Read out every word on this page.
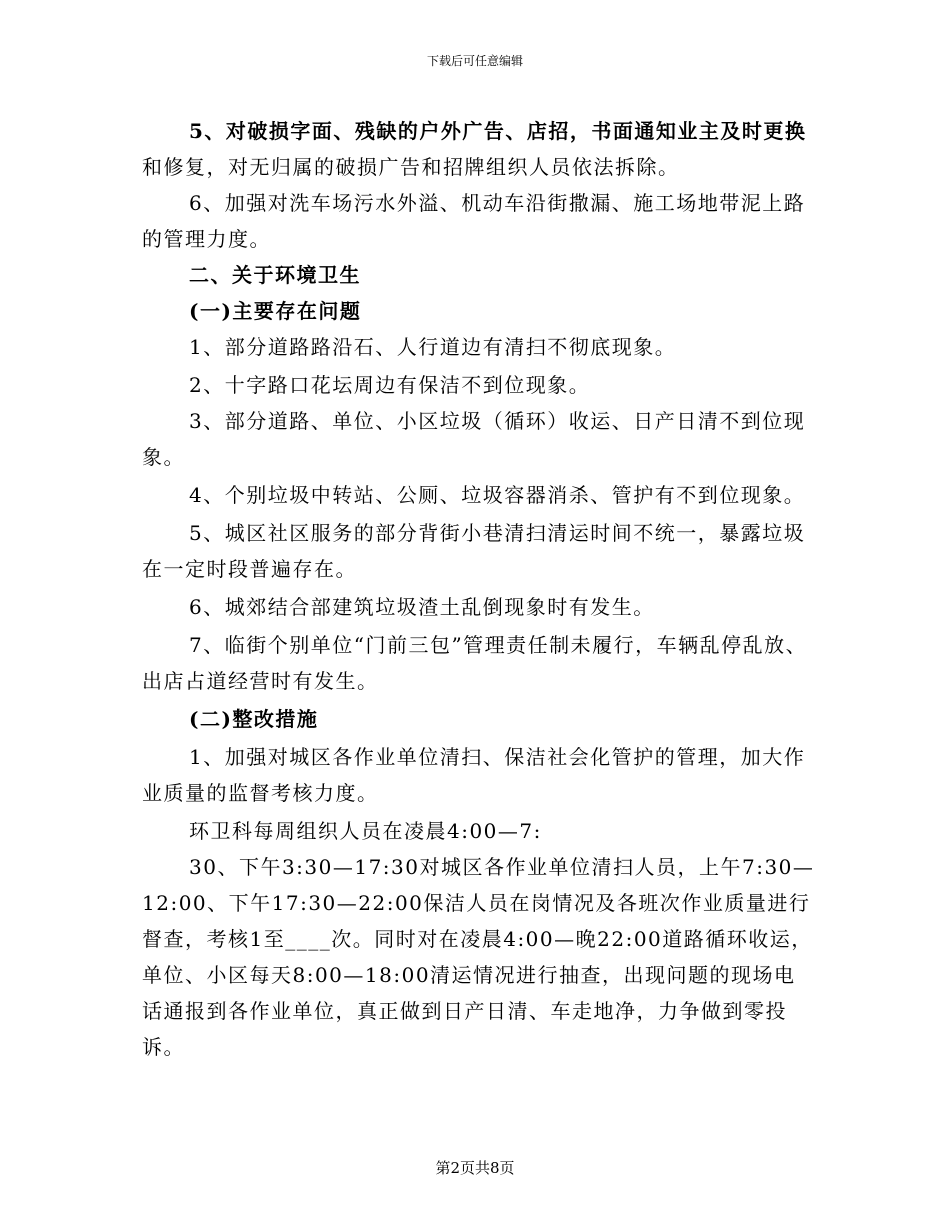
下载后可任意编辑
5、对破损字面、残缺的户外广告、店招，书面通知业主及时更换
和修复，对无归属的破损广告和招牌组织人员依法拆除。
6、加强对洗车场污水外溢、机动车沿街撒漏、施工场地带泥上路
的管理力度。
二、关于环境卫生
(一)主要存在问题
1、部分道路路沿石、人行道边有清扫不彻底现象。
2、十字路口花坛周边有保洁不到位现象。
3、部分道路、单位、小区垃圾（循环）收运、日产日清不到位现
象。
4、个别垃圾中转站、公厕、垃圾容器消杀、管护有不到位现象。
5、城区社区服务的部分背街小巷清扫清运时间不统一，暴露垃圾
在一定时段普遍存在。
6、城郊结合部建筑垃圾渣土乱倒现象时有发生。
7、临街个别单位“门前三包”管理责任制未履行，车辆乱停乱放、
出店占道经营时有发生。
(二)整改措施
1、加强对城区各作业单位清扫、保洁社会化管护的管理，加大作
业质量的监督考核力度。
环卫科每周组织人员在凌晨4:00—7:
30、下午3:30—17:30对城区各作业单位清扫人员，上午7:30—
12:00、下午17:30—22:00保洁人员在岗情况及各班次作业质量进行
督查，考核1至____次。同时对在凌晨4:00—晚22:00道路循环收运，
单位、小区每天8:00—18:00清运情况进行抽查，出现问题的现场电
话通报到各作业单位，真正做到日产日清、车走地净，力争做到零投
诉。
第2页共8页
